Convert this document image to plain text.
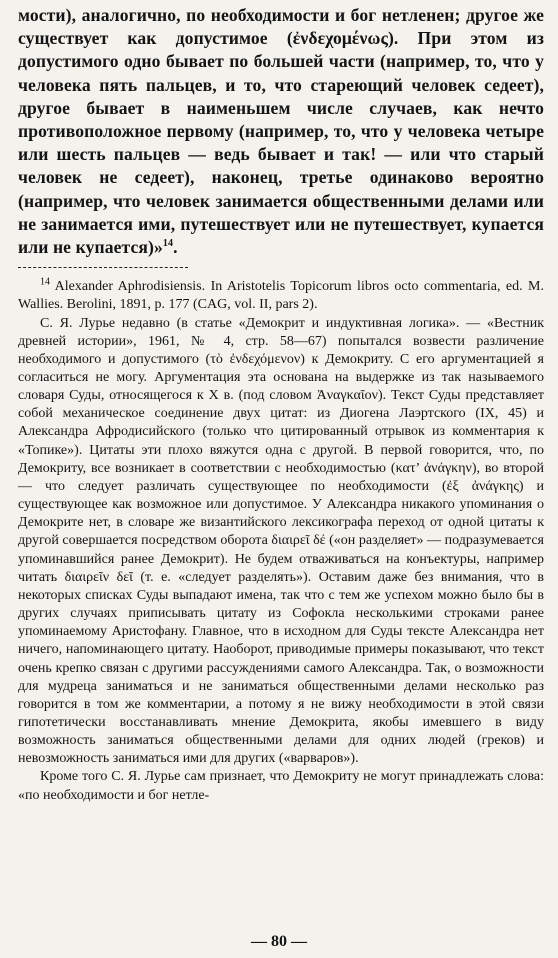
мости), аналогично, по необходимости и бог нетленен; другое же существует как допустимое (ἐνδεχομένως). При этом из допустимого одно бывает по большей части (например, то, что у человека пять пальцев, и то, что стареющий человек седеет), другое бывает в наименьшем числе случаев, как нечто противоположное первому (например, то, что у человека четыре или шесть пальцев — ведь бывает и так! — или что старый человек не седеет), наконец, третье одинаково вероятно (например, что человек занимается общественными делами или не занимается ими, путешествует или не путешествует, купается или не купается)»$^{14}$.

$^{14}$ Alexander Aphrodisiensis. In Aristotelis Topicorum libros octo commentaria, ed. M. Wallies. Berolini, 1891, p. 177 (CAG, vol. II, pars 2).

С. Я. Лурье недавно (в статье «Демокрит и индуктивная логика». — «Вестник древней истории», 1961, № 4, стр. 58—67) попытался возвести различение необходимого и допустимого (τὸ ἐνδεχόμενον) к Демокриту. С его аргументацией я согласиться не могу. Аргументация эта основана на выдержке из так называемого словаря Суды, относящегося к X в. (под словом Ἀναγκαῖον). Текст Суды представляет собой механическое соединение двух цитат: из Диогена Лаэртского (IX, 45) и Александра Афродисийского (только что цитированный отрывок из комментария к «Топике»). Цитаты эти плохо вяжутся одна с другой. В первой говорится, что, по Демокриту, все возникает в соответствии с необходимостью (κατ’ ἀνάγκην), во второй — что следует различать существующее по необходимости (ἐξ ἀνάγκης) и существующее как возможное или допустимое. У Александра никакого упоминания о Демокрите нет, в словаре же византийского лексикографа переход от одной цитаты к другой совершается посредством оборота διαιρεῖ δέ («он разделяет» — подразумевается упоминавшийся ранее Демокрит). Не будем отваживаться на конъектуры, например читать διαιρεῖν δεῖ (т. е. «следует разделять»). Оставим даже без внимания, что в некоторых списках Суды выпадают имена, так что с тем же успехом можно было бы в других случаях приписывать цитату из Софокла несколькими строками ранее упоминаемому Аристофану. Главное, что в исходном для Суды тексте Александра нет ничего, напоминающего цитату. Наоборот, приводимые примеры показывают, что текст очень крепко связан с другими рассуждениями самого Александра. Так, о возможности для мудреца заниматься и не заниматься общественными делами несколько раз говорится в том же комментарии, а потому я не вижу необходимости в этой связи гипотетически восстанавливать мнение Демокрита, якобы имевшего в виду возможность заниматься общественными делами для одних людей (греков) и невозможность заниматься ими для других («варваров»).

Кроме того С. Я. Лурье сам признает, что Демокриту не могут принадлежать слова: «по необходимости и бог нетле-

— 80 —
